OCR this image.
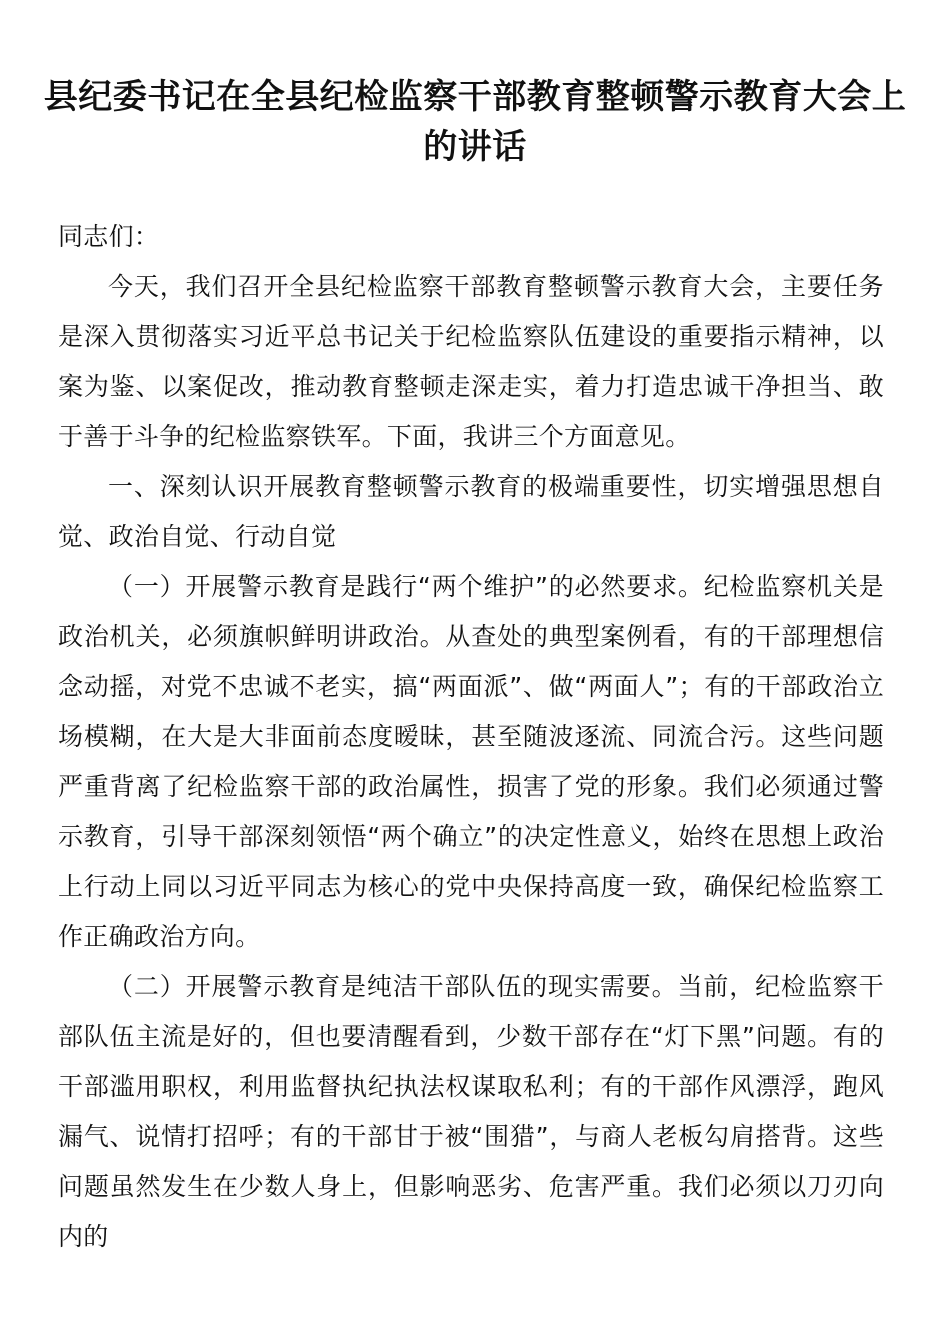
县纪委书记在全县纪检监察干部教育整顿警示教育大会上的讲话

同志们：

今天，我们召开全县纪检监察干部教育整顿警示教育大会，主要任务是深入贯彻落实习近平总书记关于纪检监察队伍建设的重要指示精神，以案为鉴、以案促改，推动教育整顿走深走实，着力打造忠诚干净担当、敢于善于斗争的纪检监察铁军。下面，我讲三个方面意见。

一、深刻认识开展教育整顿警示教育的极端重要性，切实增强思想自觉、政治自觉、行动自觉

（一）开展警示教育是践行“两个维护”的必然要求。纪检监察机关是政治机关，必须旗帜鲜明讲政治。从查处的典型案例看，有的干部理想信念动摇，对党不忠诚不老实，搞“两面派”、做“两面人”；有的干部政治立场模糊，在大是大非面前态度暧昧，甚至随波逐流、同流合污。这些问题严重背离了纪检监察干部的政治属性，损害了党的形象。我们必须通过警示教育，引导干部深刻领悟“两个确立”的决定性意义，始终在思想上政治上行动上同以习近平同志为核心的党中央保持高度一致，确保纪检监察工作正确政治方向。

（二）开展警示教育是纯洁干部队伍的现实需要。当前，纪检监察干部队伍主流是好的，但也要清醒看到，少数干部存在“灯下黑”问题。有的干部滥用职权，利用监督执纪执法权谋取私利；有的干部作风漂浮，跑风漏气、说情打招呼；有的干部甘于被“围猎”，与商人老板勾肩搭背。这些问题虽然发生在少数人身上，但影响恶劣、危害严重。我们必须以刀刃向内的
